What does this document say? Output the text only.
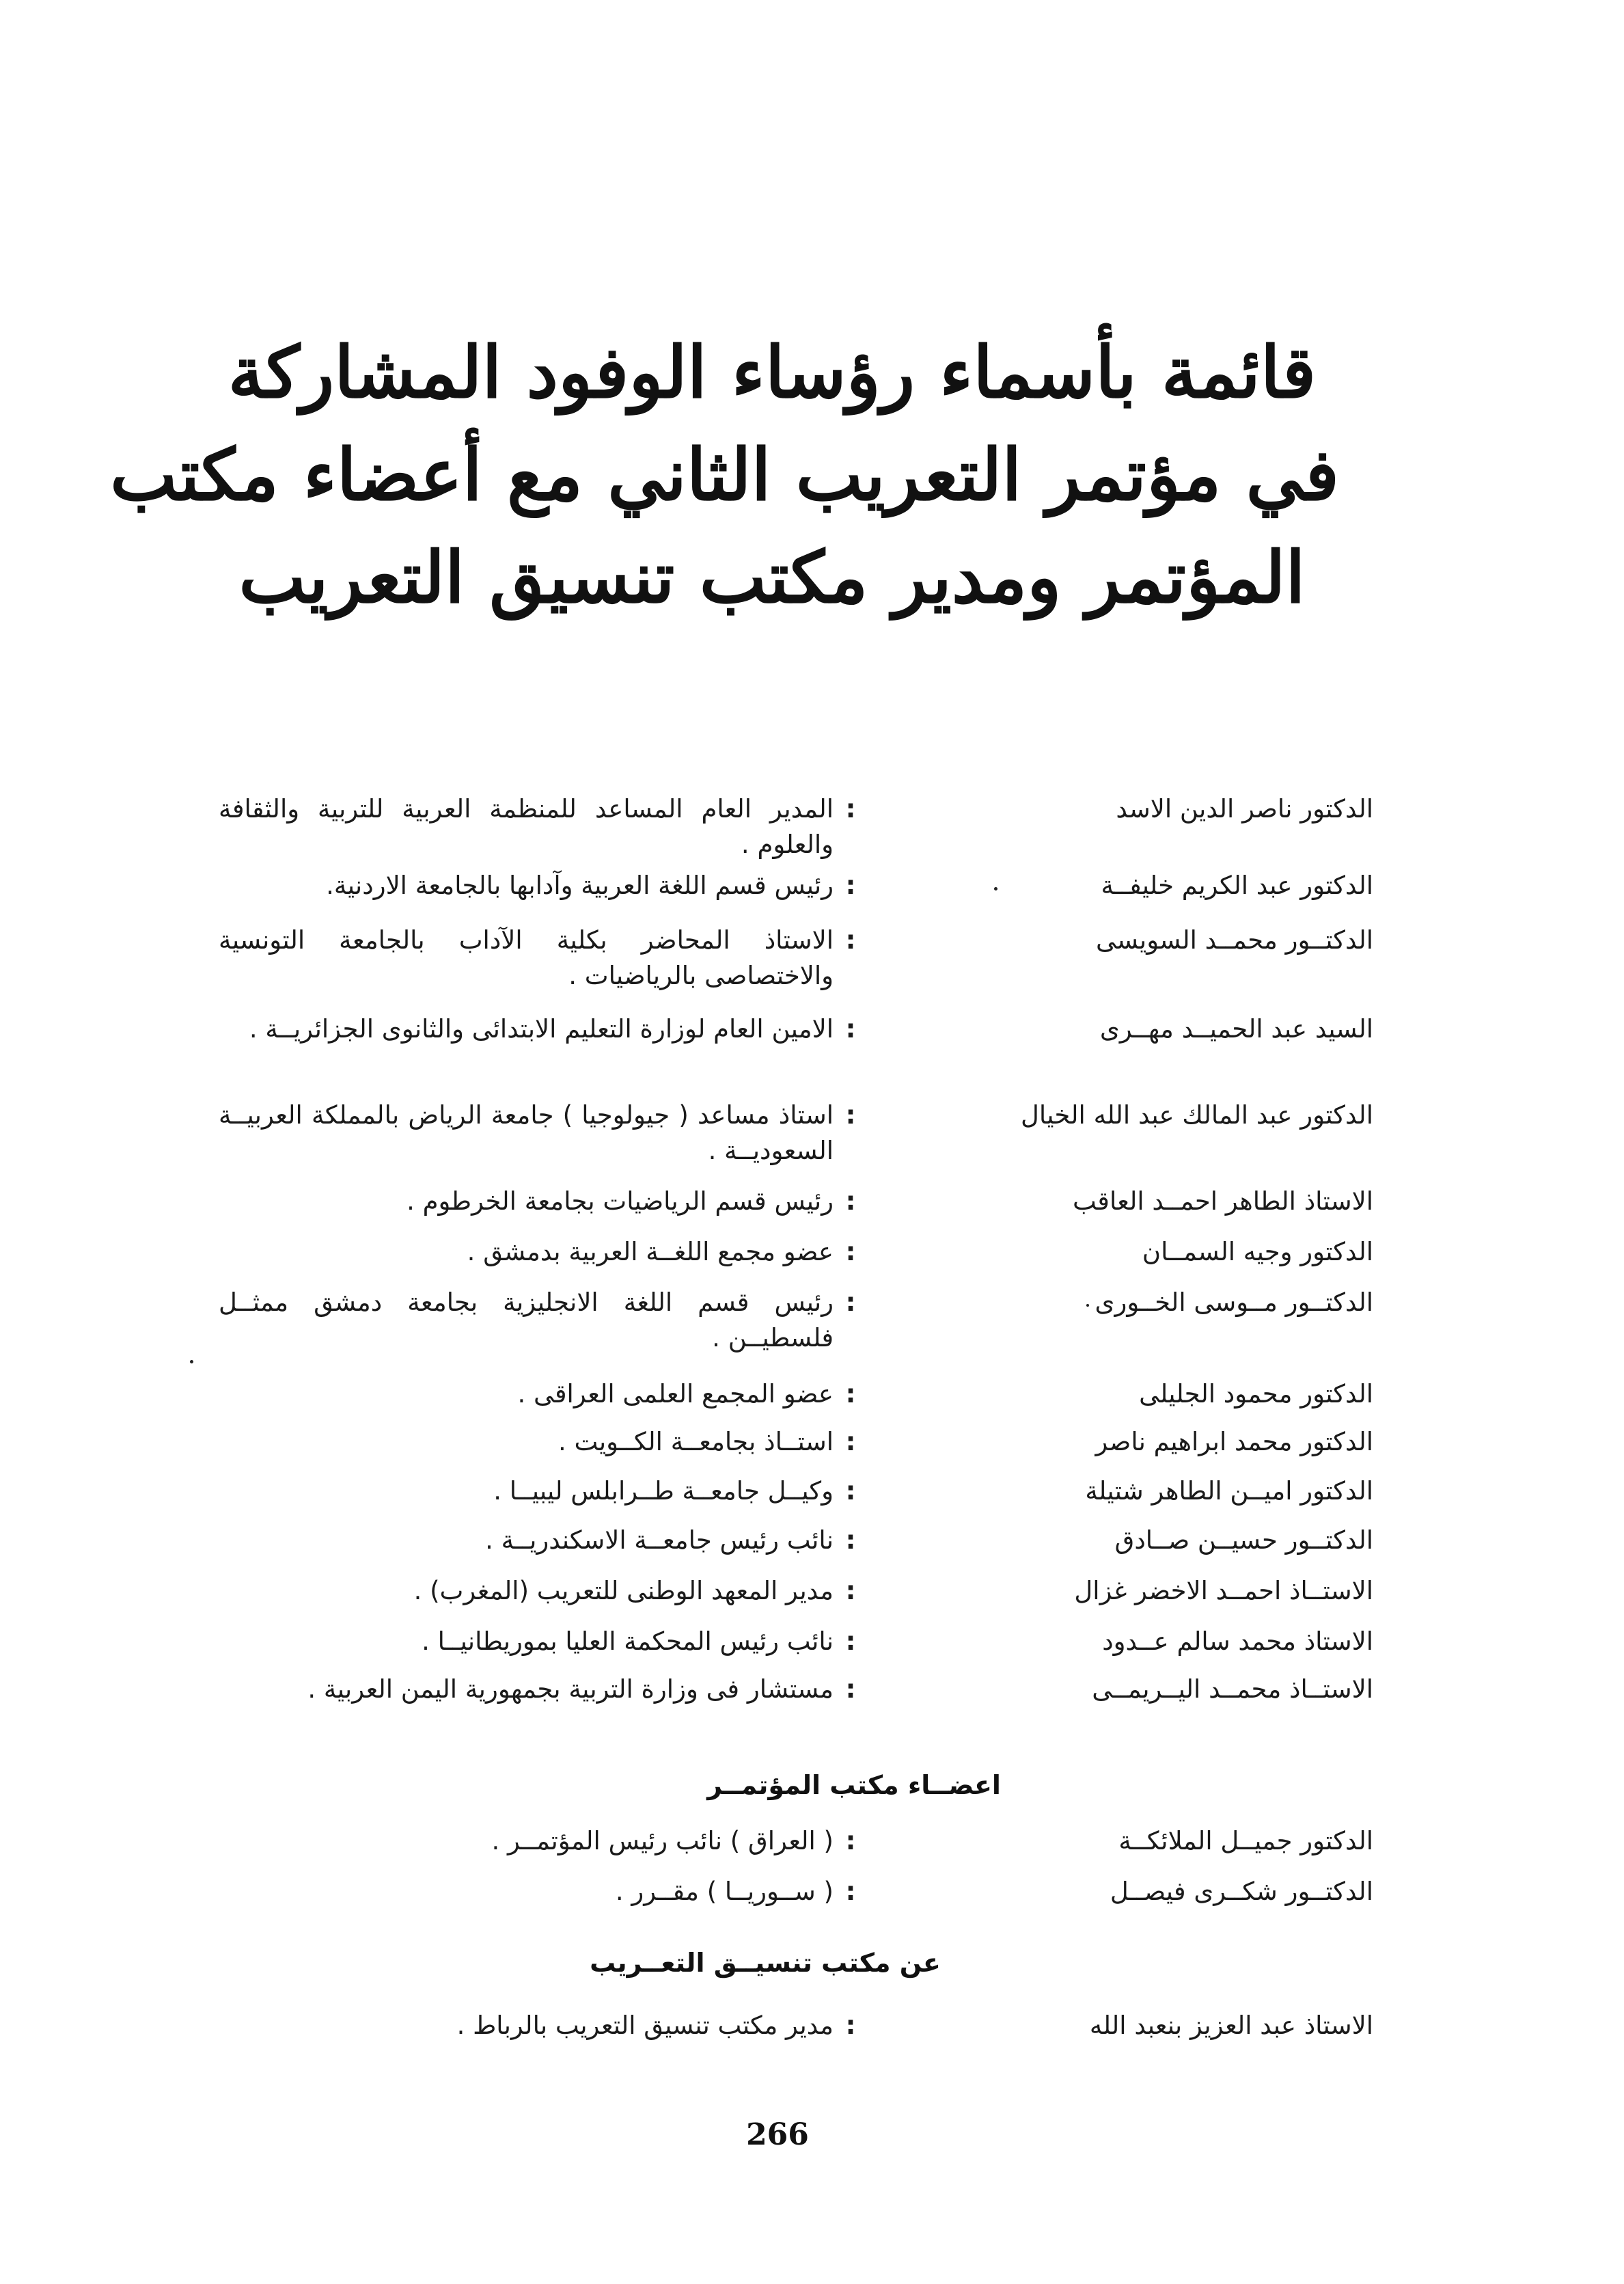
قائمة بأسماء رؤساء الوفود المشاركة
في مؤتمر التعريب الثاني مع أعضاء مكتب
المؤتمر ومدير مكتب تنسيق التعريب
الدكتور ناصر الدين الاسد
:
المدير العام المساعد للمنظمة العربية للتربية والثقافة والعلوم .
الدكتور عبد الكريم خليفــة
:
رئيس قسم اللغة العربية وآدابها بالجامعة الاردنية.
الدكتــور محمــد السويسى
:
الاستاذ المحاضر بكلية الآداب بالجامعة التونسية والاختصاصى بالرياضيات .
السيد عبد الحميــد مهــرى
:
الامين العام لوزارة التعليم الابتدائى والثانوى الجزائريــة .
الدكتور عبد المالك عبد الله الخيال
:
استاذ مساعد ( جيولوجيا ) جامعة الرياض بالمملكة العربيــة السعوديــة .
الاستاذ الطاهر احمــد العاقب
:
رئيس قسم الرياضيات بجامعة الخرطوم .
الدكتور وجيه السمــان
:
عضو مجمع اللغــة العربية بدمشق .
الدكتــور مــوسى الخــورى
:
رئيس قسم اللغة الانجليزية بجامعة دمشق ممثــل فلسطيــن .
الدكتور محمود الجليلى
:
عضو المجمع العلمى العراقى .
الدكتور محمد ابراهيم ناصر
:
استــاذ بجامعــة الكــويت .
الدكتور اميــن الطاهر شتيلة
:
وكيــل جامعــة طــرابلس ليبيــا .
الدكتــور حسيــن صــادق
:
نائب رئيس جامعــة الاسكندريــة .
الاستــاذ احمــد الاخضر غزال
:
مدير المعهد الوطنى للتعريب (المغرب) .
الاستاذ محمد سالم عــدود
:
نائب رئيس المحكمة العليا بموريطانيــا .
الاستــاذ محمــد اليــريمــى
:
مستشار فى وزارة التربية بجمهورية اليمن العربية .
اعضــاء مكتب المؤتمــر
الدكتور جميــل الملائكــة
:
( العراق ) نائب رئيس المؤتمــر .
الدكتــور شكــرى فيصــل
:
( ســوريــا ) مقــرر .
عن مكتب تنسيــق التعــريب
الاستاذ عبد العزيز بنعبد الله
:
مدير مكتب تنسيق التعريب بالرباط .
266
